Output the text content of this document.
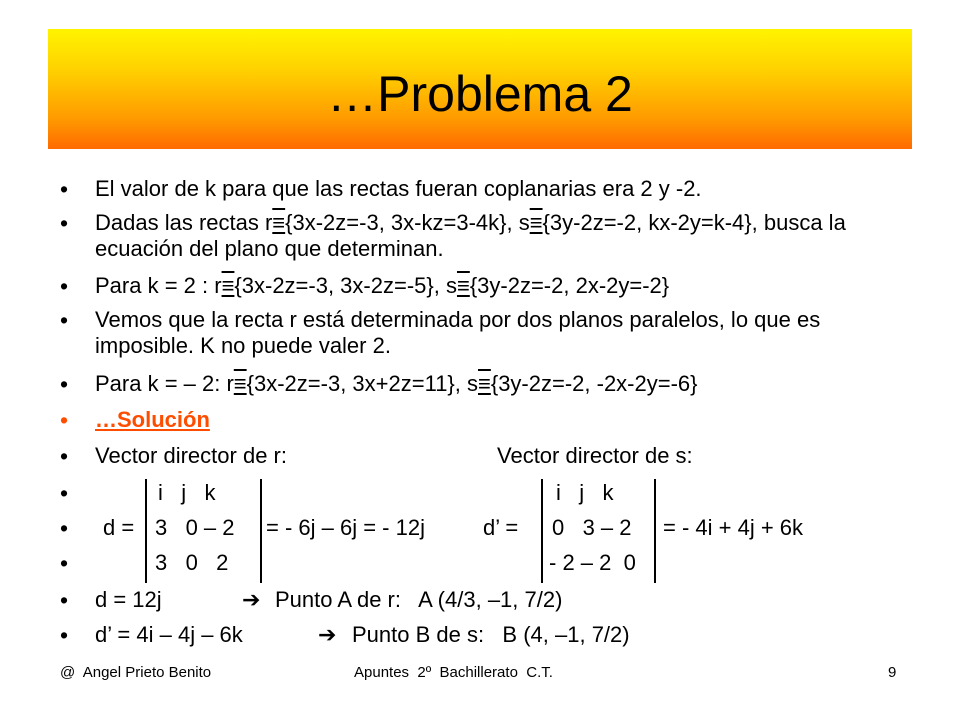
…Problema 2
• El valor de k para que las rectas fueran coplanarias era 2 y -2.
• Dadas las rectas r≡{3x-2z=-3, 3x-kz=3-4k}, s≡{3y-2z=-2, kx-2y=k-4}, busca la ecuación del plano que determinan.
• Para k = 2 : r≡{3x-2z=-3, 3x-2z=-5}, s≡{3y-2z=-2, 2x-2y=-2}
• Vemos que la recta r está determinada por dos planos paralelos, lo que es imposible. K no puede valer 2.
• Para k = – 2: r≡{3x-2z=-3, 3x+2z=11}, s≡{3y-2z=-2, -2x-2y=-6}
• …Solución
• Vector director de r:	Vector director de s:
•	i   j   k	i   j   k
• d = 3   0 – 2 = - 6j – 6j = - 12j	d’ = 0   3 – 2 = - 4i + 4j + 6k
•	3   0   2	- 2 – 2  0
• d = 12j	➔ Punto A de r:   A (4/3, –1, 7/2)
• d’ = 4i – 4j – 6k	➔ Punto B de s:   B (4, –1, 7/2)
@  Angel Prieto Benito	Apuntes  2º  Bachillerato  C.T.	9
